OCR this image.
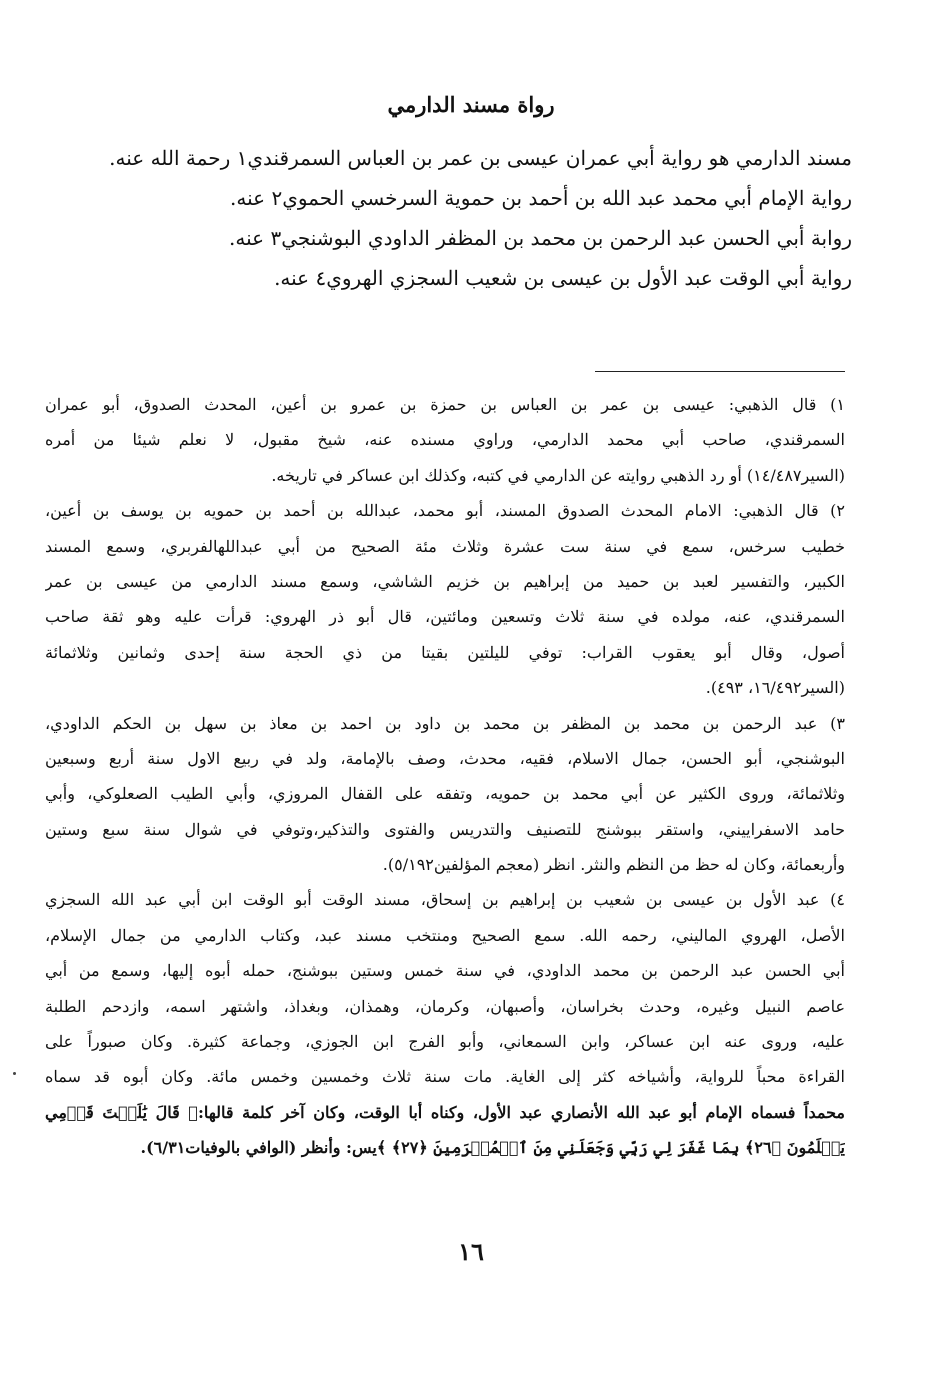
رواة مسند الدارمي

مسند الدارمي هو رواية أبي عمران عيسى بن عمر بن العباس السمرقندي١ رحمة الله عنه.

رواية الإمام أبي محمد عبد الله بن أحمد بن حموية السرخسي الحموي٢ عنه.

روابة أبي الحسن عبد الرحمن بن محمد بن المظفر الداودي البوشنجي٣ عنه.

رواية أبي الوقت عبد الأول بن عيسى بن شعيب السجزي الهروي٤ عنه.

١) قال الذهبي: عيسى بن عمر بن العباس بن حمزة بن عمرو بن أعين، المحدث الصدوق، أبو عمران
السمرقندي، صاحب أبي محمد الدارمي، وراوي مسنده عنه، شيخ مقبول، لا نعلم شيئا من أمره
(السير١٤/٤٨٧) أو رد الذهبي روايته عن الدارمي في كتبه، وكذلك ابن عساكر في تاريخه.
٢) قال الذهبي: الامام المحدث الصدوق المسند، أبو محمد، عبدالله بن أحمد بن حمويه بن يوسف بن أعين،
خطيب سرخس، سمع في سنة ست عشرة وثلاث مئة الصحيح من أبي عبداللهالفربري، وسمع المسند
الكبير، والتفسير لعبد بن حميد من إبراهيم بن خزيم الشاشي، وسمع مسند الدارمي من عيسى بن عمر
السمرقندي، عنه، مولده في سنة ثلاث وتسعين ومائتين، قال أبو ذر الهروي: قرأت عليه وهو ثقة صاحب
أصول، وقال أبو يعقوب القراب: توفي لليلتين بقيتا من ذي الحجة سنة إحدى وثمانين وثلاثمائة
(السير١٦/٤٩٢، ٤٩٣).
٣) عبد الرحمن بن محمد بن المظفر بن محمد بن داود بن احمد بن معاذ بن سهل بن الحكم الداودي،
البوشنجي، أبو الحسن، جمال الاسلام، فقيه، محدث، وصف بالإمامة، ولد في ربيع الاول سنة أربع وسبعين
وثلاثمائة، وروى الكثير عن أبي محمد بن حمويه، وتفقه على القفال المروزي، وأبي الطيب الصعلوكي، وأبي
حامد الاسفراييني، واستقر ببوشنج للتصنيف والتدريس والفتوى والتذكير،وتوفي في شوال سنة سبع وستين
وأربعمائة، وكان له حظ من النظم والنثر. انظر (معجم المؤلفين٥/١٩٢).
٤) عبد الأول بن عيسى بن شعيب بن إبراهيم بن إسحاق، مسند الوقت أبو الوقت ابن أبي عبد الله السجزي
الأصل، الهروي الماليني، رحمه الله. سمع الصحيح ومنتخب مسند عبد، وكتاب الدارمي من جمال الإسلام،
أبي الحسن عبد الرحمن بن محمد الداودي، في سنة خمس وستين ببوشنج، حمله أبوه إليها، وسمع من أبي
عاصم النبيل وغيره، وحدث بخراسان، وأصبهان، وكرمان، وهمذان، وبغداذ، واشتهر اسمه، وازدحم الطلبة
عليه، وروى عنه ابن عساكر، وابن السمعاني، وأبو الفرج ابن الجوزي، وجماعة كثيرة. وكان صبوراً على
القراءة محباً للرواية، وأشياخه كثر إلى الغاية. مات سنة ثلاث وخمسين وخمس مائة. وكان أبوه قد سماه
محمداً فسماه الإمام أبو عبد الله الأنصاري عبد الأول، وكناه أبا الوقت، وكان آخر كلمة قالها:﴿ قَالَ يَٰلَيۡتَ قَوۡمِي
يَعۡلَمُونَ ﴿٢٦﴾ بِمَا غَفَرَ لِي رَبِّي وَجَعَلَنِي مِنَ ٱلۡمُكۡرَمِينَ ﴿٢٧﴾ ﴾يس: وأنظر (الوافي بالوفيات٦/٣١).
١٦
